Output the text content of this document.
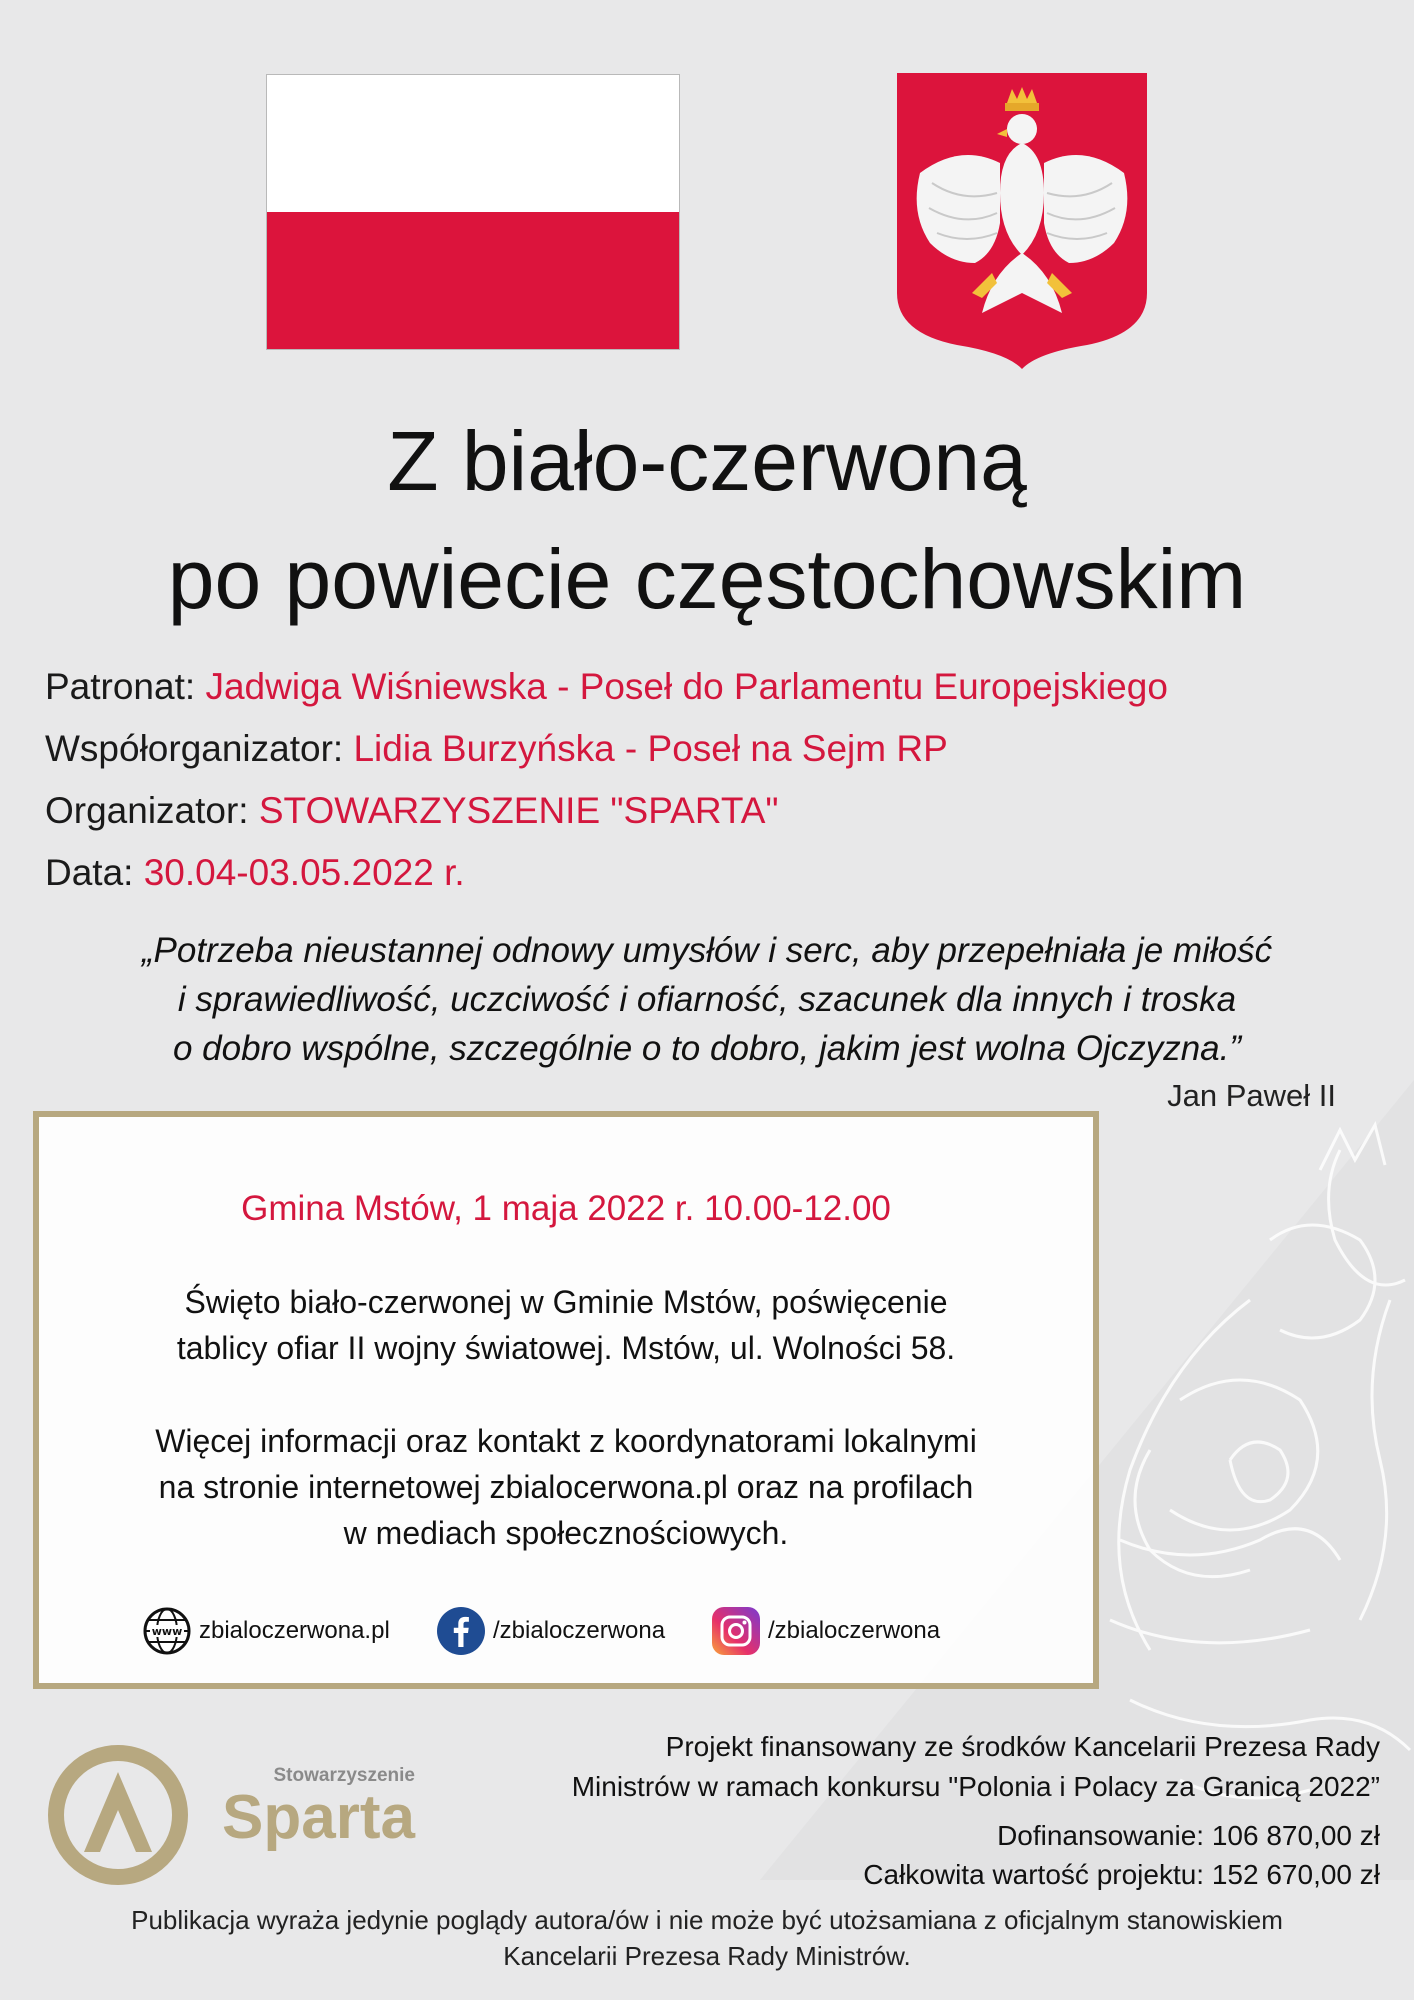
Z biało-czerwoną
po powiecie częstochowskim
Patronat: Jadwiga Wiśniewska - Poseł do Parlamentu Europejskiego
Współorganizator: Lidia Burzyńska - Poseł na Sejm RP
Organizator: STOWARZYSZENIE "SPARTA"
Data: 30.04-03.05.2022 r.
„Potrzeba nieustannej odnowy umysłów i serc, aby przepełniała je miłość
i sprawiedliwość, uczciwość i ofiarność, szacunek dla innych i troska
o dobro wspólne, szczególnie o to dobro, jakim jest wolna Ojczyzna.”
Jan Paweł II
Gmina Mstów, 1 maja 2022 r. 10.00-12.00
Święto biało-czerwonej w Gminie Mstów, poświęcenie
tablicy ofiar II wojny światowej. Mstów, ul. Wolności 58.
Więcej informacji oraz kontakt z koordynatorami lokalnymi
na stronie internetowej zbialocerwona.pl oraz na profilach
w mediach społecznościowych.
www zbialoczerwona.pl	/zbialoczerwona	/zbialoczerwona
Stowarzyszenie
Sparta
Projekt finansowany ze środków Kancelarii Prezesa Rady
Ministrów w ramach konkursu "Polonia i Polacy za Granicą 2022”
Dofinansowanie: 106 870,00 zł
Całkowita wartość projektu: 152 670,00 zł
Publikacja wyraża jedynie poglądy autora/ów i nie może być utożsamiana z oficjalnym stanowiskiem
Kancelarii Prezesa Rady Ministrów.
